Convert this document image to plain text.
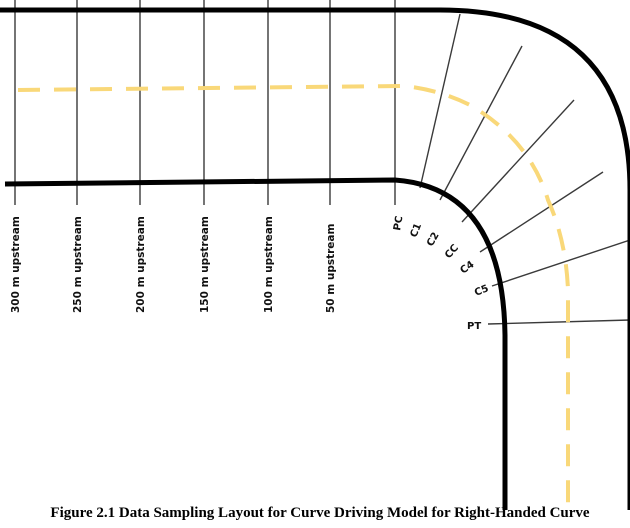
300 m upstream	250 m upstream	200 m upstream	150 m upstream	100 m upstream	50 m upstream
PC C1
C2
CC
C4
C5
PT
Figure 2.1 Data Sampling Layout for Curve Driving Model for Right-Handed Curve
